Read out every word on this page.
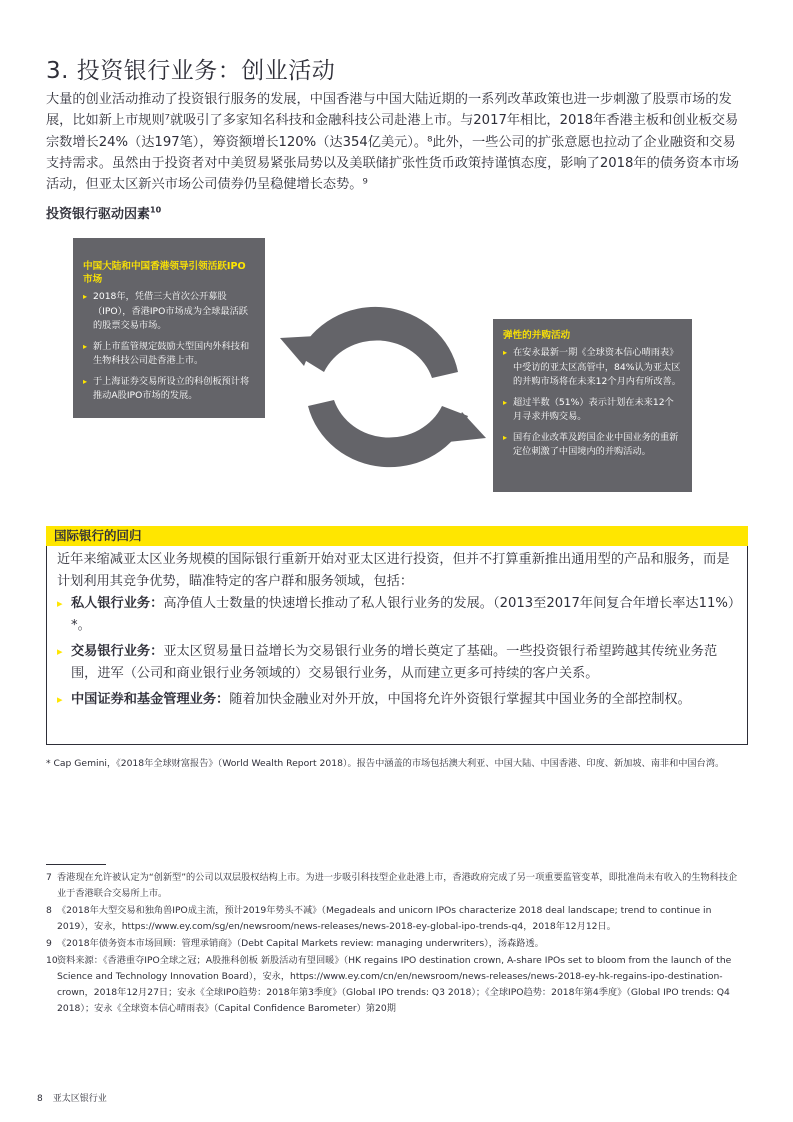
3. 投资银行业务：创业活动

大量的创业活动推动了投资银行服务的发展，中国香港与中国大陆近期的一系列改革政策也进一步刺激了股票市场的发展，比如新上市规则⁷就吸引了多家知名科技和金融科技公司赴港上市。与2017年相比，2018年香港主板和创业板交易宗数增长24%（达197笔），筹资额增长120%（达354亿美元）。⁸此外，一些公司的扩张意愿也拉动了企业融资和交易支持需求。虽然由于投资者对中美贸易紧张局势以及美联储扩张性货币政策持谨慎态度，影响了2018年的债务资本市场活动，但亚太区新兴市场公司债券仍呈稳健增长态势。⁹

投资银行驱动因素$^{10}$
中国大陆和中国香港领导引领活跃IPO市场
▸ 2018年，凭借三大首次公开募股（IPO），香港IPO市场成为全球最活跃的股票交易市场。
▸ 新上市监管规定鼓励大型国内外科技和生物科技公司赴香港上市。
▸ 于上海证券交易所设立的科创板预计将推动A股IPO市场的发展。
弹性的并购活动
▸ 在安永最新一期《全球资本信心晴雨表》中受访的亚太区高管中，84%认为亚太区的并购市场将在未来12个月内有所改善。
▸ 超过半数（51%）表示计划在未来12个月寻求并购交易。
▸ 国有企业改革及跨国企业中国业务的重新定位刺激了中国境内的并购活动。
国际银行的回归

近年来缩减亚太区业务规模的国际银行重新开始对亚太区进行投资，但并不打算重新推出通用型的产品和服务，而是计划利用其竞争优势，瞄准特定的客户群和服务领域，包括：

▸ 私人银行业务：高净值人士数量的快速增长推动了私人银行业务的发展。（2013至2017年间复合年增长率达11%）*。
▸ 交易银行业务：亚太区贸易量日益增长为交易银行业务的增长奠定了基础。一些投资银行希望跨越其传统业务范围，进军（公司和商业银行业务领域的）交易银行业务，从而建立更多可持续的客户关系。
▸ 中国证券和基金管理业务：随着加快金融业对外开放，中国将允许外资银行掌握其中国业务的全部控制权。

* Cap Gemini，《2018年全球财富报告》（World Wealth Report 2018）。报告中涵盖的市场包括澳大利亚、中国大陆、中国香港、印度、新加坡、南非和中国台湾。

7 香港现在允许被认定为“创新型”的公司以双层股权结构上市。为进一步吸引科技型企业赴港上市，香港政府完成了另一项重要监管变革，即批准尚未有收入的生物科技企业于香港联合交易所上市。
8 《2018年大型交易和独角兽IPO成主流，预计2019年势头不减》（Megadeals and unicorn IPOs characterize 2018 deal landscape; trend to continue in 2019），安永，https://www.ey.com/sg/en/newsroom/news-releases/news-2018-ey-global-ipo-trends-q4，2018年12月12日。
9 《2018年债务资本市场回顾：管理承销商》（Debt Capital Markets review: managing underwriters），汤森路透。
10 资料来源：《香港重夺IPO全球之冠；A股推科创板 新股活动有望回暖》（HK regains IPO destination crown, A-share IPOs set to bloom from the launch of the Science and Technology Innovation Board），安永，https://www.ey.com/cn/en/newsroom/news-releases/news-2018-ey-hk-regains-ipo-destination-crown，2018年12月27日；安永《全球IPO趋势：2018年第3季度》（Global IPO trends: Q3 2018）；《全球IPO趋势：2018年第4季度》（Global IPO trends: Q4 2018）；安永《全球资本信心晴雨表》（Capital Confidence Barometer）第20期
8 亚太区银行业
